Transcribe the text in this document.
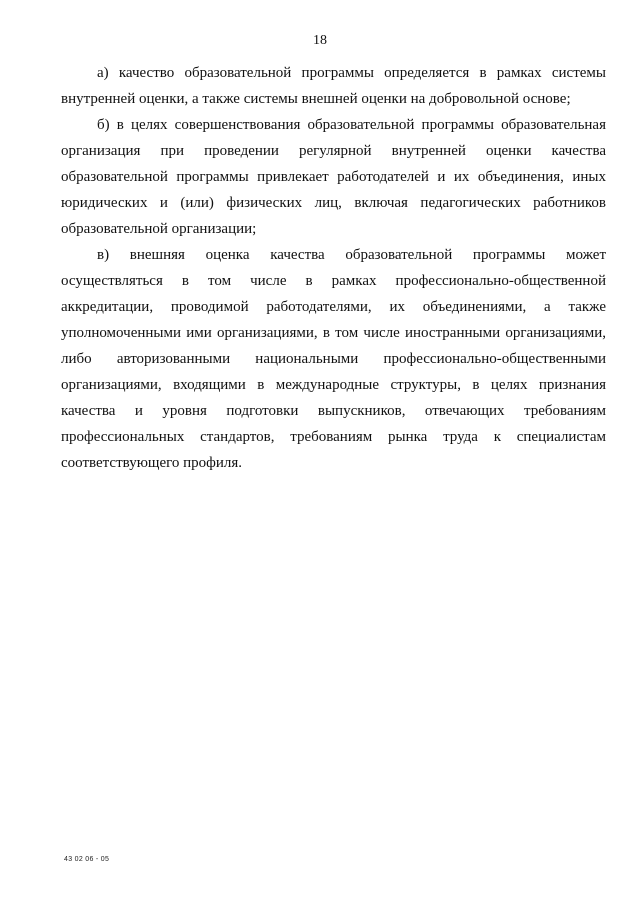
18

а) качество образовательной программы определяется в рамках системы внутренней оценки, а также системы внешней оценки на добровольной основе;

б) в целях совершенствования образовательной программы образовательная организация при проведении регулярной внутренней оценки качества образовательной программы привлекает работодателей и их объединения, иных юридических и (или) физических лиц, включая педагогических работников образовательной организации;

в) внешняя оценка качества образовательной программы может осуществляться в том числе в рамках профессионально-общественной аккредитации, проводимой работодателями, их объединениями, а также уполномоченными ими организациями, в том числе иностранными организациями, либо авторизованными национальными профессионально-общественными организациями, входящими в международные структуры, в целях признания качества и уровня подготовки выпускников, отвечающих требованиям профессиональных стандартов, требованиям рынка труда к специалистам соответствующего профиля.

43 02 06 - 05
